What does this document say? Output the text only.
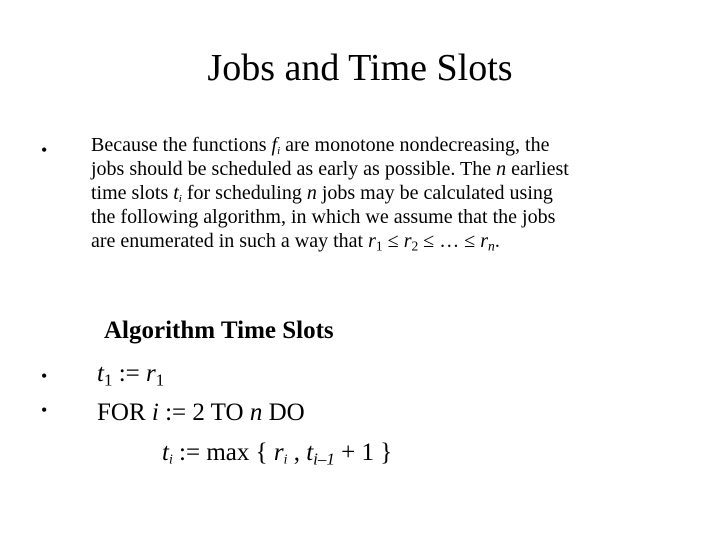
Jobs and Time Slots
•
•
•
Because the functions $f_i$ are monotone nondecreasing, the
jobs should be scheduled as early as possible. The n earliest
time slots $t_i$ for scheduling n jobs may be calculated using
the following algorithm, in which we assume that the jobs
are enumerated in such a way that $r_1 \le r_2$ ≤ … ≤ $r_n$.
Algorithm Time Slots
$t_1$ := $r_1$
FOR i := 2 TO n DO
$t_i$ := max { $r_i$ , $t_{i-1} + 1$ }
